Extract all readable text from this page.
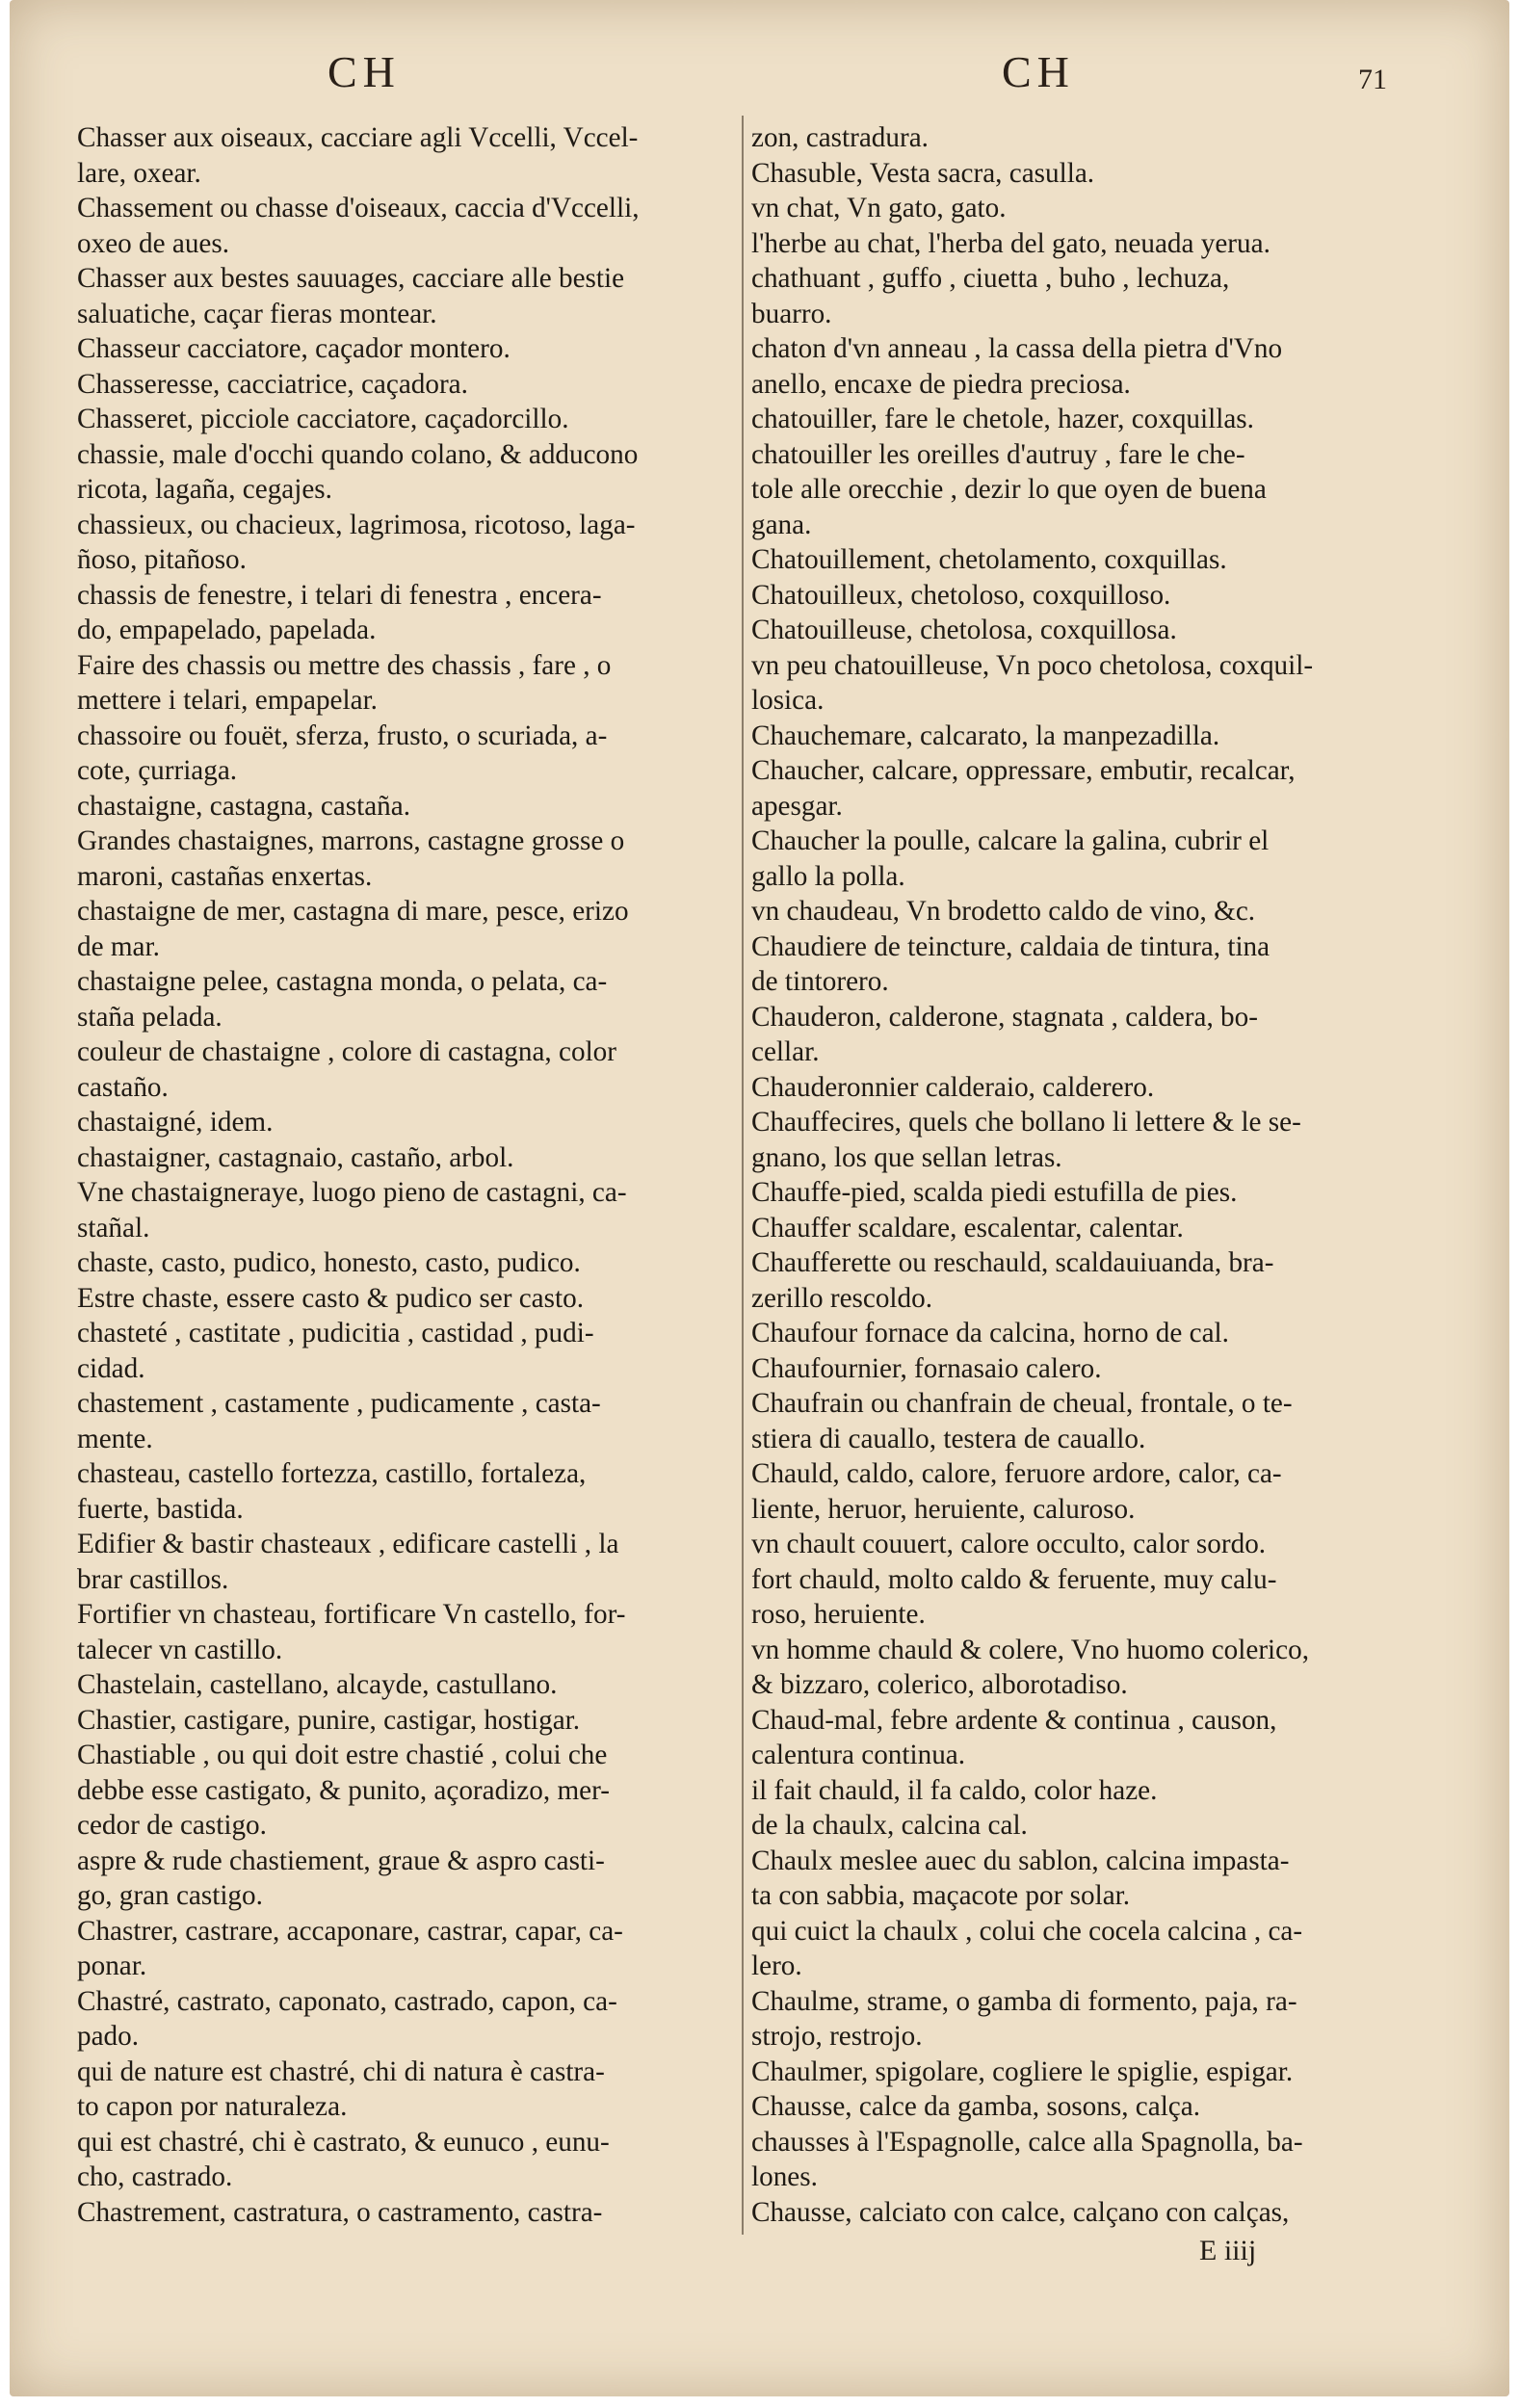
CH	CH	71
Chasser aux oiseaux, cacciare agli Vccelli, Vccel-
lare, oxear.
Chassement ou chasse d'oiseaux, caccia d'Vccelli,
oxeo de aues.
Chasser aux bestes sauuages, cacciare alle bestie
saluatiche, caçar fieras montear.
Chasseur cacciatore, caçador montero.
Chasseresse, cacciatrice, caçadora.
Chasseret, picciole cacciatore, caçadorcillo.
chassie, male d'occhi quando colano, & adducono
ricota, lagaña, cegajes.
chassieux, ou chacieux, lagrimosa, ricotoso, laga-
ñoso, pitañoso.
chassis de fenestre, i telari di fenestra , encera-
do, empapelado, papelada.
Faire des chassis ou mettre des chassis , fare , o
mettere i telari, empapelar.
chassoire ou fouët, sferza, frusto, o scuriada, a-
cote, çurriaga.
chastaigne, castagna, castaña.
Grandes chastaignes, marrons, castagne grosse o
maroni, castañas enxertas.
chastaigne de mer, castagna di mare, pesce, erizo
de mar.
chastaigne pelee, castagna monda, o pelata, ca-
staña pelada.
couleur de chastaigne , colore di castagna, color
castaño.
chastaigné, idem.
chastaigner, castagnaio, castaño, arbol.
Vne chastaigneraye, luogo pieno de castagni, ca-
stañal.
chaste, casto, pudico, honesto, casto, pudico.
Estre chaste, essere casto & pudico ser casto.
chasteté , castitate , pudicitia , castidad , pudi-
cidad.
chastement , castamente , pudicamente , casta-
mente.
chasteau, castello fortezza, castillo, fortaleza,
fuerte, bastida.
Edifier & bastir chasteaux , edificare castelli , la
brar castillos.
Fortifier vn chasteau, fortificare Vn castello, for-
talecer vn castillo.
Chastelain, castellano, alcayde, castullano.
Chastier, castigare, punire, castigar, hostigar.
Chastiable , ou qui doit estre chastié , colui che
debbe esse castigato, & punito, açoradizo, mer-
cedor de castigo.
aspre & rude chastiement, graue & aspro casti-
go, gran castigo.
Chastrer, castrare, accaponare, castrar, capar, ca-
ponar.
Chastré, castrato, caponato, castrado, capon, ca-
pado.
qui de nature est chastré, chi di natura è castra-
to capon por naturaleza.
qui est chastré, chi è castrato, & eunuco , eunu-
cho, castrado.
Chastrement, castratura, o castramento, castra-
zon, castradura.
Chasuble, Vesta sacra, casulla.
vn chat, Vn gato, gato.
l'herbe au chat, l'herba del gato, neuada yerua.
chathuant , guffo , ciuetta , buho , lechuza,
buarro.
chaton d'vn anneau , la cassa della pietra d'Vno
anello, encaxe de piedra preciosa.
chatouiller, fare le chetole, hazer, coxquillas.
chatouiller les oreilles d'autruy , fare le che-
tole alle orecchie , dezir lo que oyen de buena
gana.
Chatouillement, chetolamento, coxquillas.
Chatouilleux, chetoloso, coxquilloso.
Chatouilleuse, chetolosa, coxquillosa.
vn peu chatouilleuse, Vn poco chetolosa, coxquil-
losica.
Chauchemare, calcarato, la manpezadilla.
Chaucher, calcare, oppressare, embutir, recalcar,
apesgar.
Chaucher la poulle, calcare la galina, cubrir el
gallo la polla.
vn chaudeau, Vn brodetto caldo de vino, &c.
Chaudiere de teincture, caldaia de tintura, tina
de tintorero.
Chauderon, calderone, stagnata , caldera, bo-
cellar.
Chauderonnier calderaio, calderero.
Chauffecires, quels che bollano li lettere & le se-
gnano, los que sellan letras.
Chauffe-pied, scalda piedi estufilla de pies.
Chauffer scaldare, escalentar, calentar.
Chaufferette ou reschauld, scaldauiuanda, bra-
zerillo rescoldo.
Chaufour fornace da calcina, horno de cal.
Chaufournier, fornasaio calero.
Chaufrain ou chanfrain de cheual, frontale, o te-
stiera di cauallo, testera de cauallo.
Chauld, caldo, calore, feruore ardore, calor, ca-
liente, heruor, heruiente, caluroso.
vn chault couuert, calore occulto, calor sordo.
fort chauld, molto caldo & feruente, muy calu-
roso, heruiente.
vn homme chauld & colere, Vno huomo colerico,
& bizzaro, colerico, alborotadiso.
Chaud-mal, febre ardente & continua , causon,
calentura continua.
il fait chauld, il fa caldo, color haze.
de la chaulx, calcina cal.
Chaulx meslee auec du sablon, calcina impasta-
ta con sabbia, maçacote por solar.
qui cuict la chaulx , colui che cocela calcina , ca-
lero.
Chaulme, strame, o gamba di formento, paja, ra-
strojo, restrojo.
Chaulmer, spigolare, cogliere le spiglie, espigar.
Chausse, calce da gamba, sosons, calça.
chausses à l'Espagnolle, calce alla Spagnolla, ba-
lones.
Chausse, calciato con calce, calçano con calças,
E iiij
